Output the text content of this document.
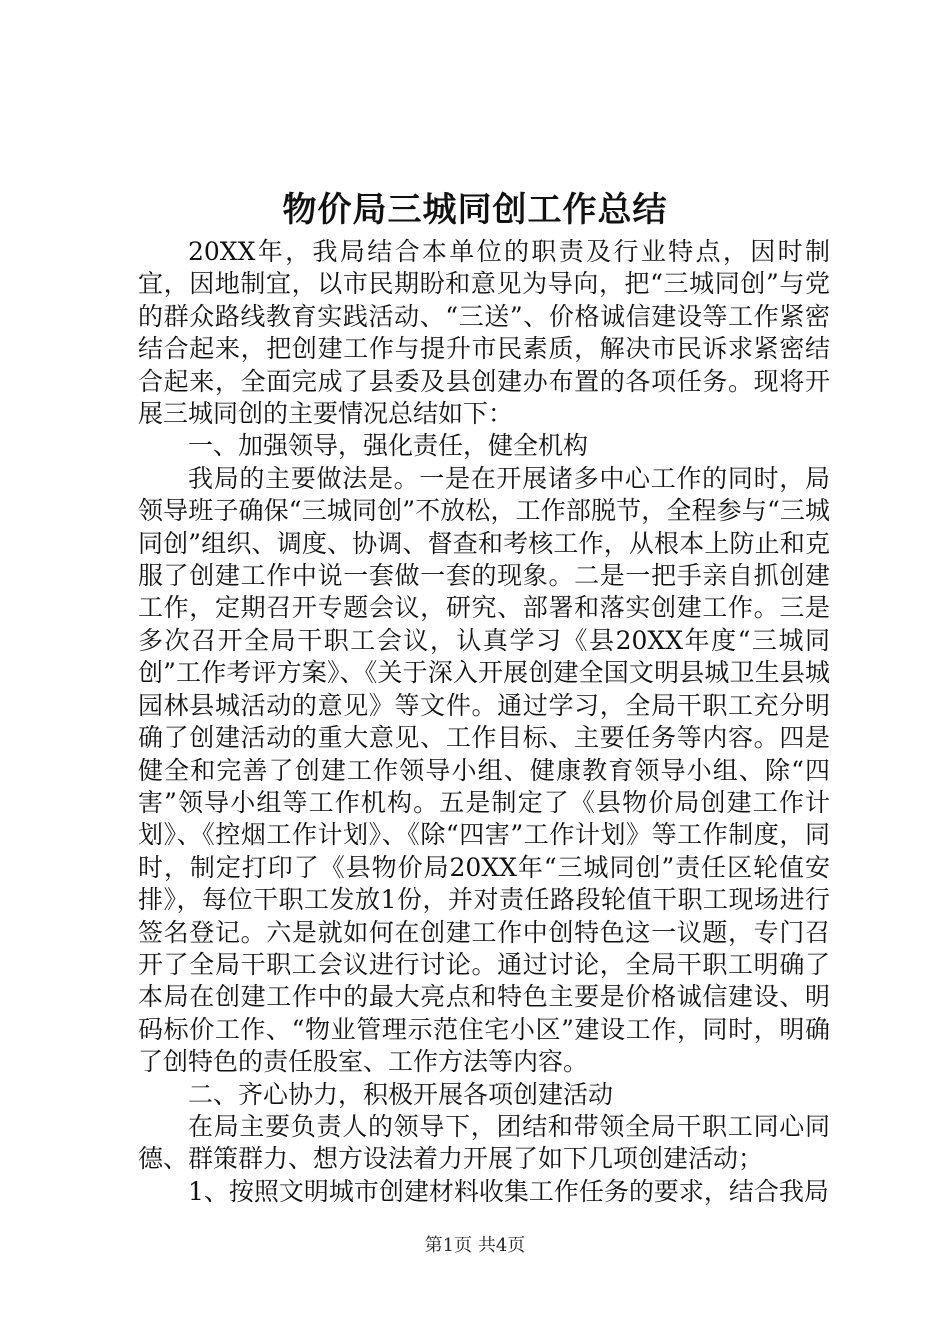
物价局三城同创工作总结

20XX年，我局结合本单位的职责及行业特点，因时制宜，因地制宜，以市民期盼和意见为导向，把“三城同创”与党的群众路线教育实践活动、“三送”、价格诚信建设等工作紧密结合起来，把创建工作与提升市民素质，解决市民诉求紧密结合起来，全面完成了县委及县创建办布置的各项任务。现将开展三城同创的主要情况总结如下：

一、加强领导，强化责任，健全机构

我局的主要做法是。一是在开展诸多中心工作的同时，局领导班子确保“三城同创”不放松，工作部脱节，全程参与“三城同创”组织、调度、协调、督查和考核工作，从根本上防止和克服了创建工作中说一套做一套的现象。二是一把手亲自抓创建工作，定期召开专题会议，研究、部署和落实创建工作。三是多次召开全局干职工会议，认真学习《县20XX年度“三城同创”工作考评方案》、《关于深入开展创建全国文明县城卫生县城园林县城活动的意见》等文件。通过学习，全局干职工充分明确了创建活动的重大意见、工作目标、主要任务等内容。四是健全和完善了创建工作领导小组、健康教育领导小组、除“四害”领导小组等工作机构。五是制定了《县物价局创建工作计划》、《控烟工作计划》、《除“四害”工作计划》等工作制度，同时，制定打印了《县物价局20XX年“三城同创”责任区轮值安排》，每位干职工发放1份，并对责任路段轮值干职工现场进行签名登记。六是就如何在创建工作中创特色这一议题，专门召开了全局干职工会议进行讨论。通过讨论，全局干职工明确了本局在创建工作中的最大亮点和特色主要是价格诚信建设、明码标价工作、“物业管理示范住宅小区”建设工作，同时，明确了创特色的责任股室、工作方法等内容。

二、齐心协力，积极开展各项创建活动

在局主要负责人的领导下，团结和带领全局干职工同心同德、群策群力、想方设法着力开展了如下几项创建活动；

1、按照文明城市创建材料收集工作任务的要求，结合我局

第1页 共4页
